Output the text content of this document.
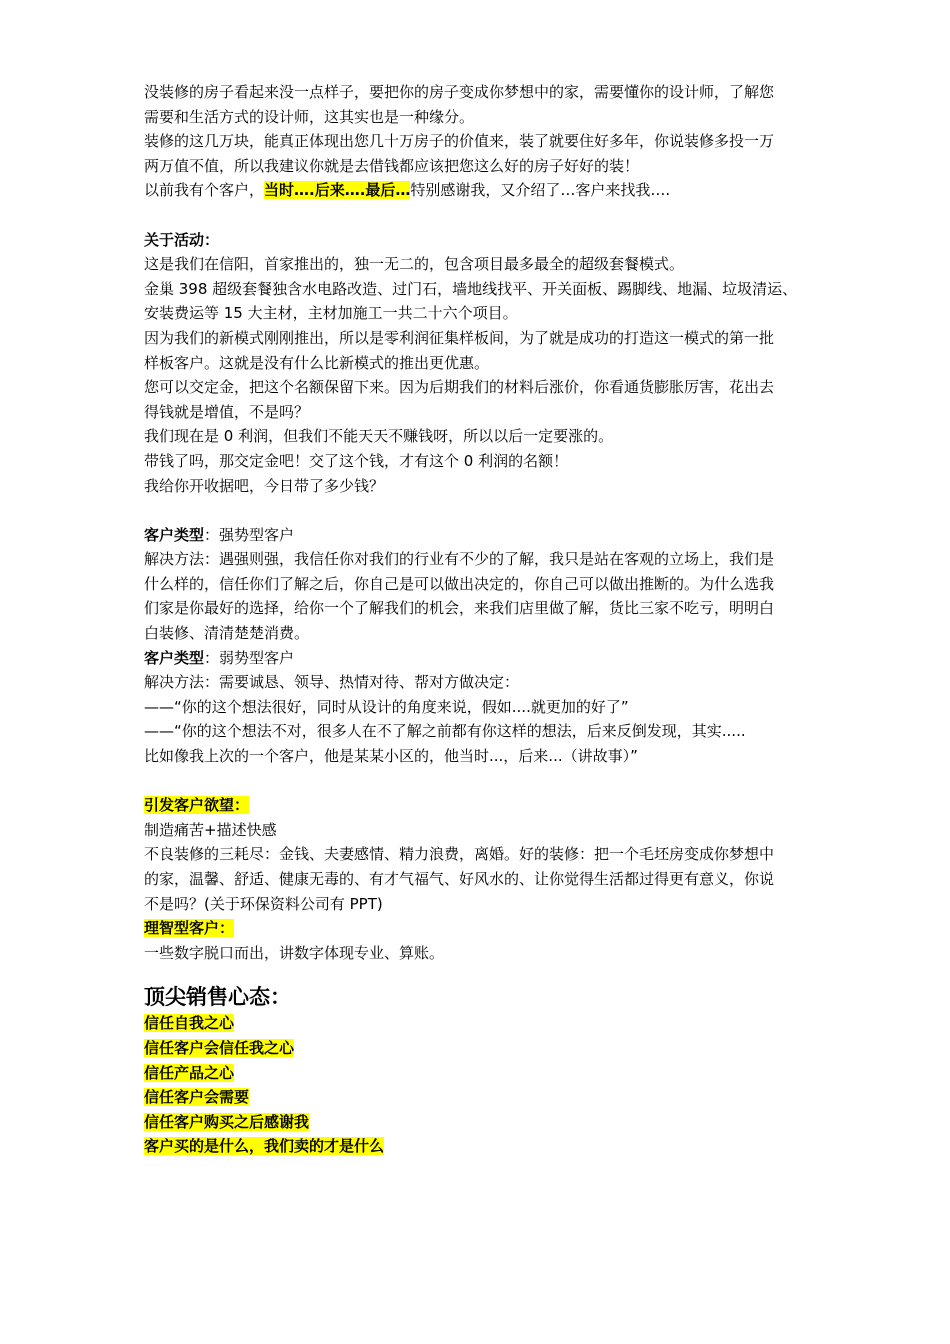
没装修的房子看起来没一点样子，要把你的房子变成你梦想中的家，需要懂你的设计师，了解您

需要和生活方式的设计师，这其实也是一种缘分。

装修的这几万块，能真正体现出您几十万房子的价值来，装了就要住好多年，你说装修多投一万

两万值不值，所以我建议你就是去借钱都应该把您这么好的房子好好的装！

以前我有个客户，当时….后来….最后…特别感谢我，又介绍了…客户来找我….

关于活动：

这是我们在信阳，首家推出的，独一无二的，包含项目最多最全的超级套餐模式。

金巢 398 超级套餐独含水电路改造、过门石，墙地线找平、开关面板、踢脚线、地漏、垃圾清运、

安装费运等 15 大主材，主材加施工一共二十六个项目。

因为我们的新模式刚刚推出，所以是零利润征集样板间，为了就是成功的打造这一模式的第一批

样板客户。这就是没有什么比新模式的推出更优惠。

您可以交定金，把这个名额保留下来。因为后期我们的材料后涨价，你看通货膨胀厉害，花出去

得钱就是增值，不是吗？

我们现在是 0 利润，但我们不能天天不赚钱呀，所以以后一定要涨的。

带钱了吗，那交定金吧！交了这个钱，才有这个 0 利润的名额！

我给你开收据吧，今日带了多少钱？

客户类型：强势型客户

解决方法：遇强则强，我信任你对我们的行业有不少的了解，我只是站在客观的立场上，我们是

什么样的，信任你们了解之后，你自己是可以做出决定的，你自己可以做出推断的。为什么选我

们家是你最好的选择，给你一个了解我们的机会，来我们店里做了解，货比三家不吃亏，明明白

白装修、清清楚楚消费。

客户类型：弱势型客户

解决方法：需要诚恳、领导、热情对待、帮对方做决定：

——“你的这个想法很好，同时从设计的角度来说，假如....就更加的好了”

——“你的这个想法不对，很多人在不了解之前都有你这样的想法，后来反倒发现，其实.....

比如像我上次的一个客户，他是某某小区的，他当时...，后来...（讲故事）”

引发客户欲望：

制造痛苦+描述快感

不良装修的三耗尽：金钱、夫妻感情、精力浪费，离婚。好的装修：把一个毛坯房变成你梦想中

的家，温馨、舒适、健康无毒的、有才气福气、好风水的、让你觉得生活都过得更有意义，你说

不是吗？(关于环保资料公司有 PPT)

理智型客户：

一些数字脱口而出，讲数字体现专业、算账。

顶尖销售心态：

信任自我之心

信任客户会信任我之心

信任产品之心

信任客户会需要

信任客户购买之后感谢我

客户买的是什么，我们卖的才是什么
